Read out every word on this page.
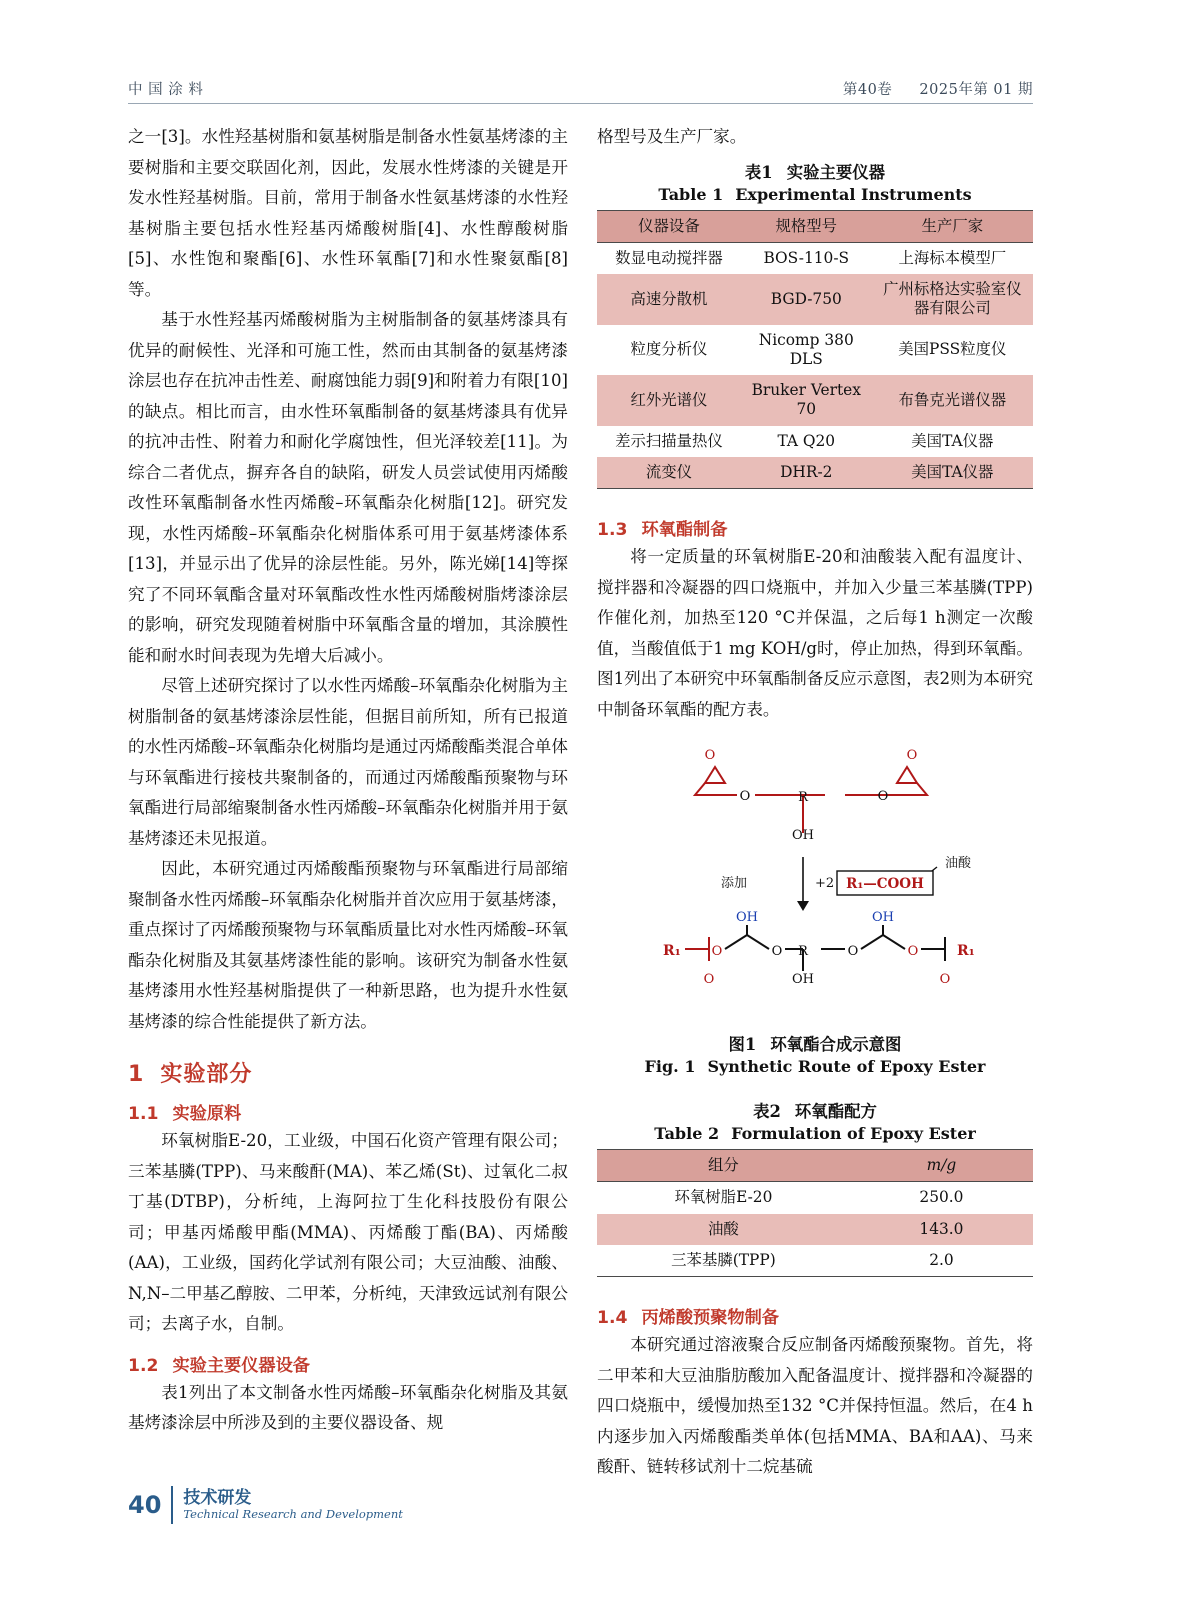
中 国 涂 料	第40卷 2025年第 01 期

之一[3]。水性羟基树脂和氨基树脂是制备水性氨基烤漆的主要树脂和主要交联固化剂，因此，发展水性烤漆的关键是开发水性羟基树脂。目前，常用于制备水性氨基烤漆的水性羟基树脂主要包括水性羟基丙烯酸树脂[4]、水性醇酸树脂[5]、水性饱和聚酯[6]、水性环氧酯[7]和水性聚氨酯[8]等。

基于水性羟基丙烯酸树脂为主树脂制备的氨基烤漆具有优异的耐候性、光泽和可施工性，然而由其制备的氨基烤漆涂层也存在抗冲击性差、耐腐蚀能力弱[9]和附着力有限[10]的缺点。相比而言，由水性环氧酯制备的氨基烤漆具有优异的抗冲击性、附着力和耐化学腐蚀性，但光泽较差[11]。为综合二者优点，摒弃各自的缺陷，研发人员尝试使用丙烯酸改性环氧酯制备水性丙烯酸–环氧酯杂化树脂[12]。研究发现，水性丙烯酸–环氧酯杂化树脂体系可用于氨基烤漆体系[13]，并显示出了优异的涂层性能。另外，陈光娣[14]等探究了不同环氧酯含量对环氧酯改性水性丙烯酸树脂烤漆涂层的影响，研究发现随着树脂中环氧酯含量的增加，其涂膜性能和耐水时间表现为先增大后减小。

尽管上述研究探讨了以水性丙烯酸–环氧酯杂化树脂为主树脂制备的氨基烤漆涂层性能，但据目前所知，所有已报道的水性丙烯酸–环氧酯杂化树脂均是通过丙烯酸酯类混合单体与环氧酯进行接枝共聚制备的，而通过丙烯酸酯预聚物与环氧酯进行局部缩聚制备水性丙烯酸–环氧酯杂化树脂并用于氨基烤漆还未见报道。

因此，本研究通过丙烯酸酯预聚物与环氧酯进行局部缩聚制备水性丙烯酸–环氧酯杂化树脂并首次应用于氨基烤漆，重点探讨了丙烯酸预聚物与环氧酯质量比对水性丙烯酸–环氧酯杂化树脂及其氨基烤漆性能的影响。该研究为制备水性氨基烤漆用水性羟基树脂提供了一种新思路，也为提升水性氨基烤漆的综合性能提供了新方法。

1 实验部分
1.1 实验原料

环氧树脂E-20，工业级，中国石化资产管理有限公司；三苯基膦(TPP)、马来酸酐(MA)、苯乙烯(St)、过氧化二叔丁基(DTBP)，分析纯，上海阿拉丁生化科技股份有限公司；甲基丙烯酸甲酯(MMA)、丙烯酸丁酯(BA)、丙烯酸(AA)，工业级，国药化学试剂有限公司；大豆油酸、油酸、N,N–二甲基乙醇胺、二甲苯，分析纯，天津致远试剂有限公司；去离子水，自制。

1.2 实验主要仪器设备

表1列出了本文制备水性丙烯酸–环氧酯杂化树脂及其氨基烤漆涂层中所涉及到的主要仪器设备、规

格型号及生产厂家。

表1 实验主要仪器
Table 1 Experimental Instruments
仪器设备	规格型号	生产厂家
数显电动搅拌器	BOS-110-S	上海标本模型厂
高速分散机	BGD-750	广州标格达实验室仪器有限公司
粒度分析仪	Nicomp 380 DLS	美国PSS粒度仪
红外光谱仪	Bruker Vertex 70	布鲁克光谱仪器
差示扫描量热仪	TA Q20	美国TA仪器
流变仪	DHR-2	美国TA仪器
1.3 环氧酯制备

将一定质量的环氧树脂E-20和油酸装入配有温度计、搅拌器和冷凝器的四口烧瓶中，并加入少量三苯基膦(TPP)作催化剂，加热至120 °C并保温，之后每1 h测定一次酸值，当酸值低于1 mg KOH/g时，停止加热，得到环氧酯。图1列出了本研究中环氧酯制备反应示意图，表2则为本研究中制备环氧酯的配方表。

O	O
O	O
R
OH
油酸
添加	+2 R₁—COOH
R₁ O
O
OH
O R
OH
O
OH
O
O
R₁
图1 环氧酯合成示意图
Fig. 1 Synthetic Route of Epoxy Ester
表2 环氧酯配方
Table 2 Formulation of Epoxy Ester
组分	m/g
环氧树脂E-20	250.0
油酸	143.0
三苯基膦(TPP)	2.0
1.4 丙烯酸预聚物制备

本研究通过溶液聚合反应制备丙烯酸预聚物。首先，将二甲苯和大豆油脂肪酸加入配备温度计、搅拌器和冷凝器的四口烧瓶中，缓慢加热至132 °C并保持恒温。然后，在4 h内逐步加入丙烯酸酯类单体(包括MMA、BA和AA)、马来酸酐、链转移试剂十二烷基硫

40 技术研发
Technical Research and Development
